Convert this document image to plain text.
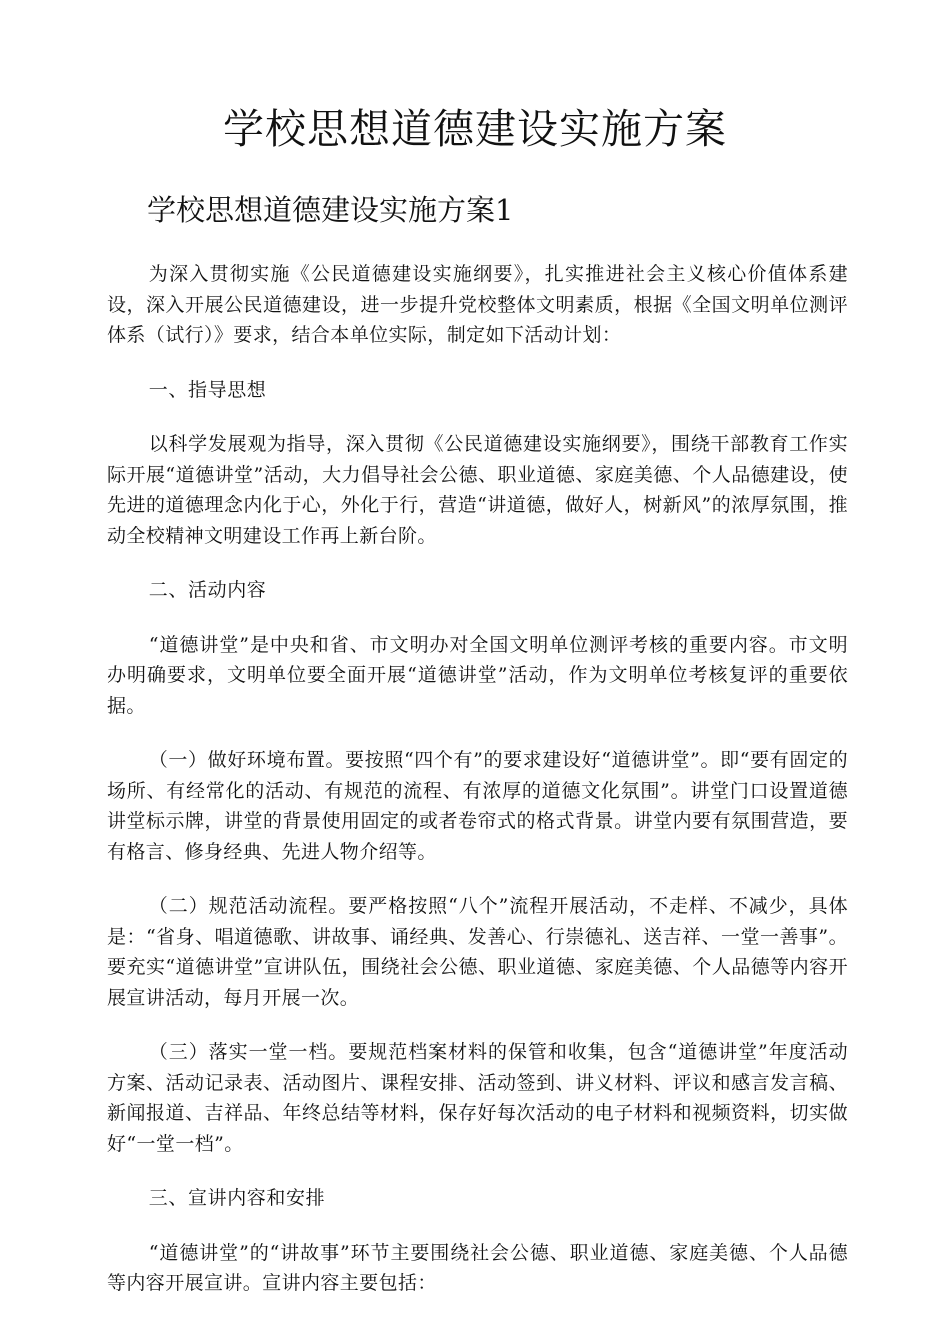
学校思想道德建设实施方案
学校思想道德建设实施方案1

为深入贯彻实施《公民道德建设实施纲要》，扎实推进社会主义核心价值体系建设，深入开展公民道德建设，进一步提升党校整体文明素质，根据《全国文明单位测评体系（试行）》要求，结合本单位实际，制定如下活动计划：

一、指导思想

以科学发展观为指导，深入贯彻《公民道德建设实施纲要》，围绕干部教育工作实际开展“道德讲堂”活动，大力倡导社会公德、职业道德、家庭美德、个人品德建设，使先进的道德理念内化于心，外化于行，营造“讲道德，做好人，树新风”的浓厚氛围，推动全校精神文明建设工作再上新台阶。

二、活动内容

“道德讲堂”是中央和省、市文明办对全国文明单位测评考核的重要内容。市文明办明确要求，文明单位要全面开展“道德讲堂”活动，作为文明单位考核复评的重要依据。

（一）做好环境布置。要按照“四个有”的要求建设好“道德讲堂”。即“要有固定的场所、有经常化的活动、有规范的流程、有浓厚的道德文化氛围”。讲堂门口设置道德讲堂标示牌，讲堂的背景使用固定的或者卷帘式的格式背景。讲堂内要有氛围营造，要有格言、修身经典、先进人物介绍等。

（二）规范活动流程。要严格按照“八个”流程开展活动，不走样、不减少，具体是：“省身、唱道德歌、讲故事、诵经典、发善心、行崇德礼、送吉祥、一堂一善事”。要充实“道德讲堂”宣讲队伍，围绕社会公德、职业道德、家庭美德、个人品德等内容开展宣讲活动，每月开展一次。

（三）落实一堂一档。要规范档案材料的保管和收集，包含“道德讲堂”年度活动方案、活动记录表、活动图片、课程安排、活动签到、讲义材料、评议和感言发言稿、新闻报道、吉祥品、年终总结等材料，保存好每次活动的电子材料和视频资料，切实做好“一堂一档”。

三、宣讲内容和安排

“道德讲堂”的“讲故事”环节主要围绕社会公德、职业道德、家庭美德、个人品德等内容开展宣讲。宣讲内容主要包括：
